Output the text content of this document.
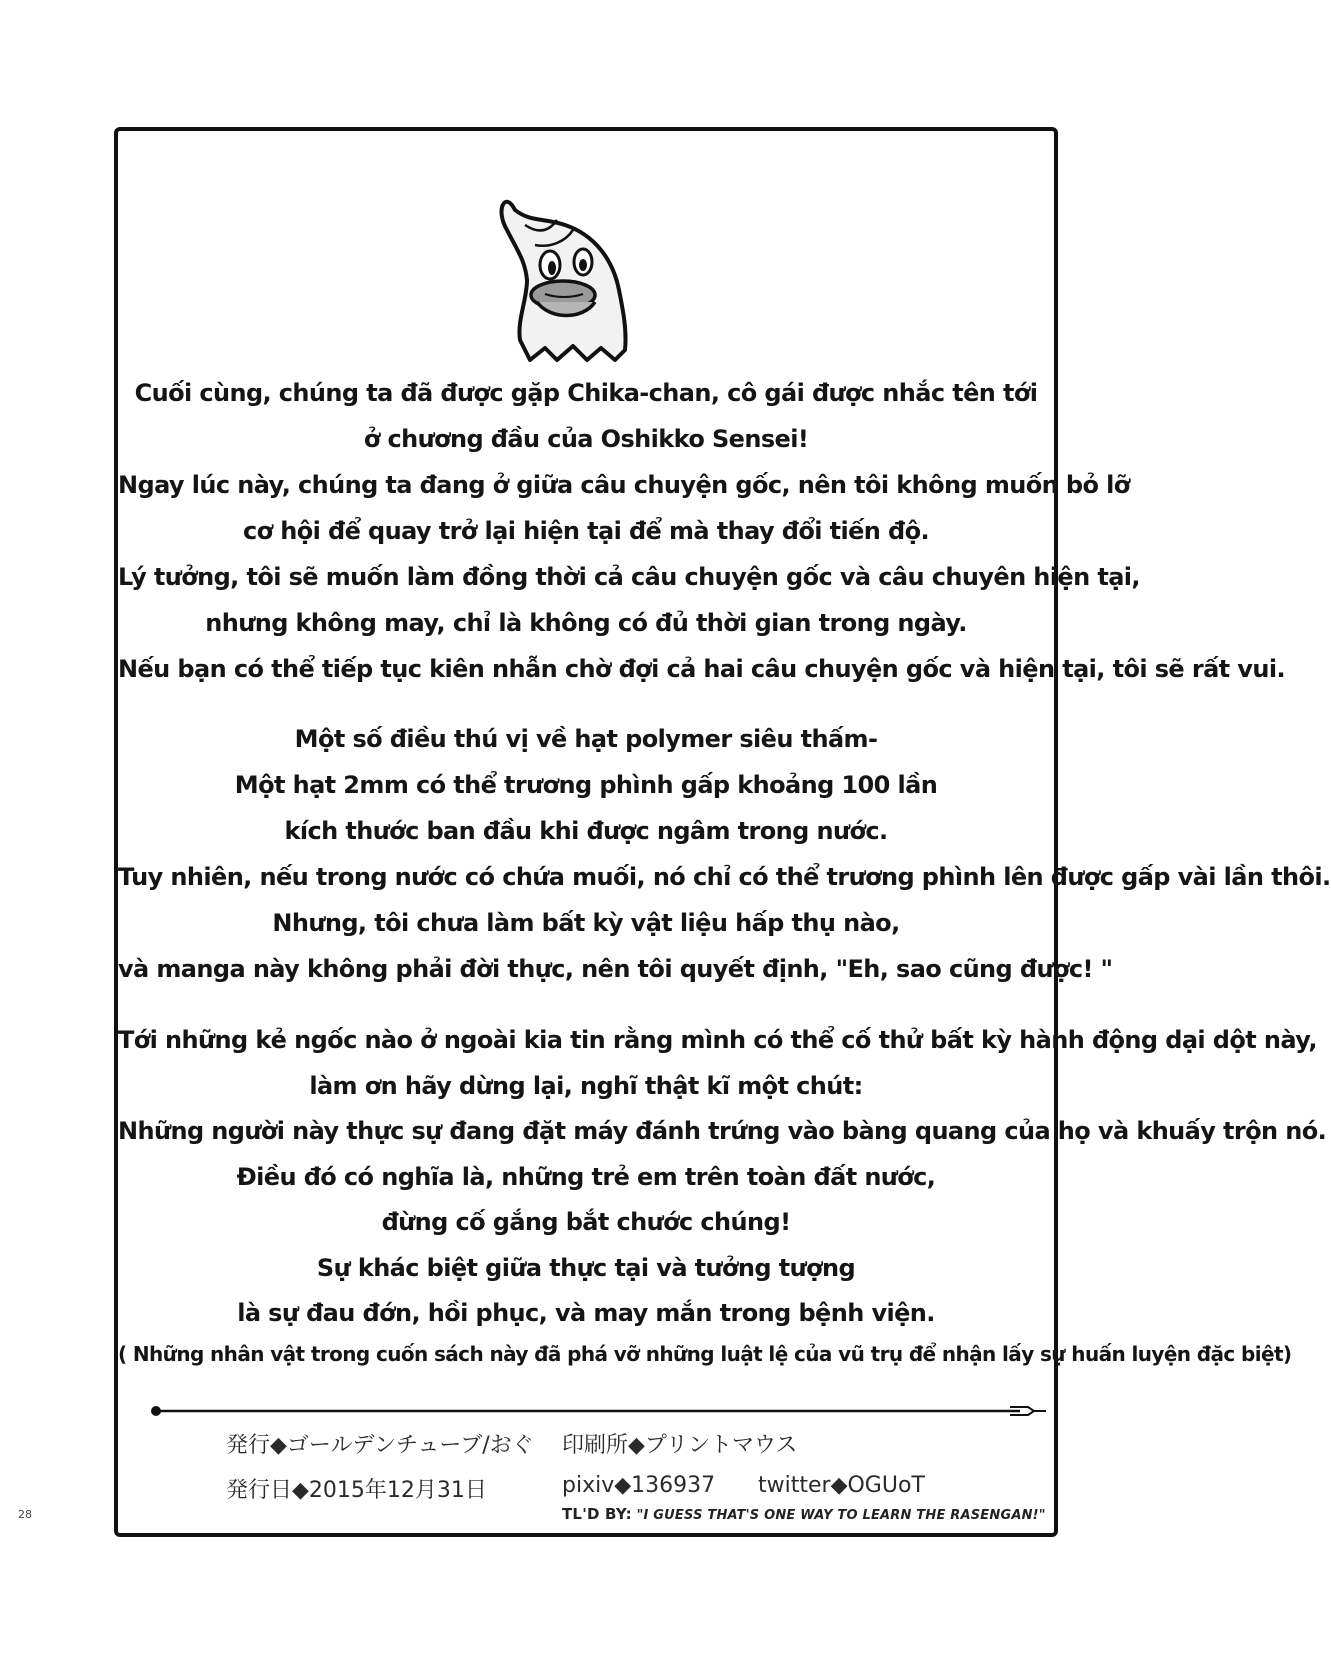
Cuối cùng, chúng ta đã được gặp Chika-chan, cô gái được nhắc tên tới
ở chương đầu của Oshikko Sensei!
Ngay lúc này, chúng ta đang ở giữa câu chuyện gốc, nên tôi không muốn bỏ lỡ
cơ hội để quay trở lại hiện tại để mà thay đổi tiến độ.
Lý tưởng, tôi sẽ muốn làm đồng thời cả câu chuyện gốc và câu chuyên hiện tại,
nhưng không may, chỉ là không có đủ thời gian trong ngày.
Nếu bạn có thể tiếp tục kiên nhẫn chờ đợi cả hai câu chuyện gốc và hiện tại, tôi sẽ rất vui.
Một số điều thú vị về hạt polymer siêu thấm-
Một hạt 2mm có thể trương phình gấp khoảng 100 lần
kích thước ban đầu khi được ngâm trong nước.
Tuy nhiên, nếu trong nước có chứa muối, nó chỉ có thể trương phình lên được gấp vài lần thôi.
Nhưng, tôi chưa làm bất kỳ vật liệu hấp thụ nào,
và manga này không phải đời thực, nên tôi quyết định, "Eh, sao cũng được! "
Tới những kẻ ngốc nào ở ngoài kia tin rằng mình có thể cố thử bất kỳ hành động dại dột này,
làm ơn hãy dừng lại, nghĩ thật kĩ một chút:
Những người này thực sự đang đặt máy đánh trứng vào bàng quang của họ và khuấy trộn nó.
Điều đó có nghĩa là, những trẻ em trên toàn đất nước,
đừng cố gắng bắt chước chúng!
Sự khác biệt giữa thực tại và tưởng tượng
là sự đau đớn, hồi phục, và may mắn trong bệnh viện.
( Những nhân vật trong cuốn sách này đã phá vỡ những luật lệ của vũ trụ để nhận lấy sự huấn luyện đặc biệt)
発行◆ゴールデンチューブ/おぐ 印刷所◆プリントマウス
発行日◆2015年12月31日	pixiv◆136937 twitter◆OGUoT
TL'D BY: "I GUESS THAT'S ONE WAY TO LEARN THE RASENGAN!"
28
